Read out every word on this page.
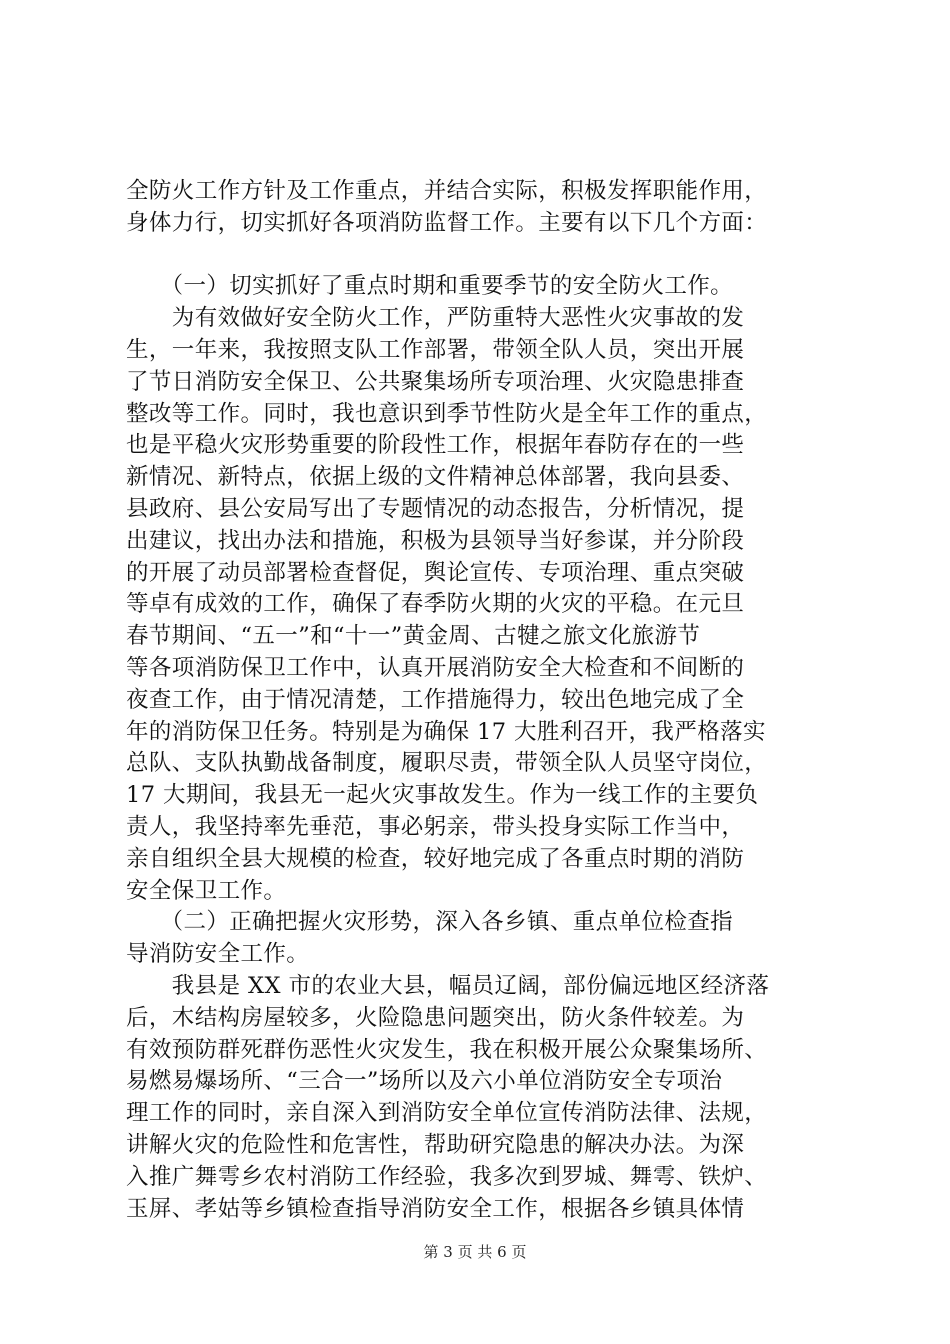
全防火工作方针及工作重点，并结合实际，积极发挥职能作用，
身体力行，切实抓好各项消防监督工作。主要有以下几个方面：
　　（一）切实抓好了重点时期和重要季节的安全防火工作。
　　为有效做好安全防火工作，严防重特大恶性火灾事故的发
生，一年来，我按照支队工作部署，带领全队人员，突出开展
了节日消防安全保卫、公共聚集场所专项治理、火灾隐患排查
整改等工作。同时，我也意识到季节性防火是全年工作的重点，
也是平稳火灾形势重要的阶段性工作，根据年春防存在的一些
新情况、新特点，依据上级的文件精神总体部署，我向县委、
县政府、县公安局写出了专题情况的动态报告，分析情况，提
出建议，找出办法和措施，积极为县领导当好参谋，并分阶段
的开展了动员部署检查督促，舆论宣传、专项治理、重点突破
等卓有成效的工作，确保了春季防火期的火灾的平稳。在元旦
春节期间、“五一”和“十一”黄金周、古犍之旅文化旅游节
等各项消防保卫工作中，认真开展消防安全大检查和不间断的
夜查工作，由于情况清楚，工作措施得力，较出色地完成了全
年的消防保卫任务。特别是为确保 17 大胜利召开，我严格落实
总队、支队执勤战备制度，履职尽责，带领全队人员坚守岗位，
17 大期间，我县无一起火灾事故发生。作为一线工作的主要负
责人，我坚持率先垂范，事必躬亲，带头投身实际工作当中，
亲自组织全县大规模的检查，较好地完成了各重点时期的消防
安全保卫工作。
　　（二）正确把握火灾形势，深入各乡镇、重点单位检查指
导消防安全工作。
　　我县是 XX 市的农业大县，幅员辽阔，部份偏远地区经济落
后，木结构房屋较多，火险隐患问题突出，防火条件较差。为
有效预防群死群伤恶性火灾发生，我在积极开展公众聚集场所、
易燃易爆场所、“三合一”场所以及六小单位消防安全专项治
理工作的同时，亲自深入到消防安全单位宣传消防法律、法规，
讲解火灾的危险性和危害性，帮助研究隐患的解决办法。为深
入推广舞雩乡农村消防工作经验，我多次到罗城、舞雩、铁炉、
玉屏、孝姑等乡镇检查指导消防安全工作，根据各乡镇具体情
第 3 页 共 6 页
